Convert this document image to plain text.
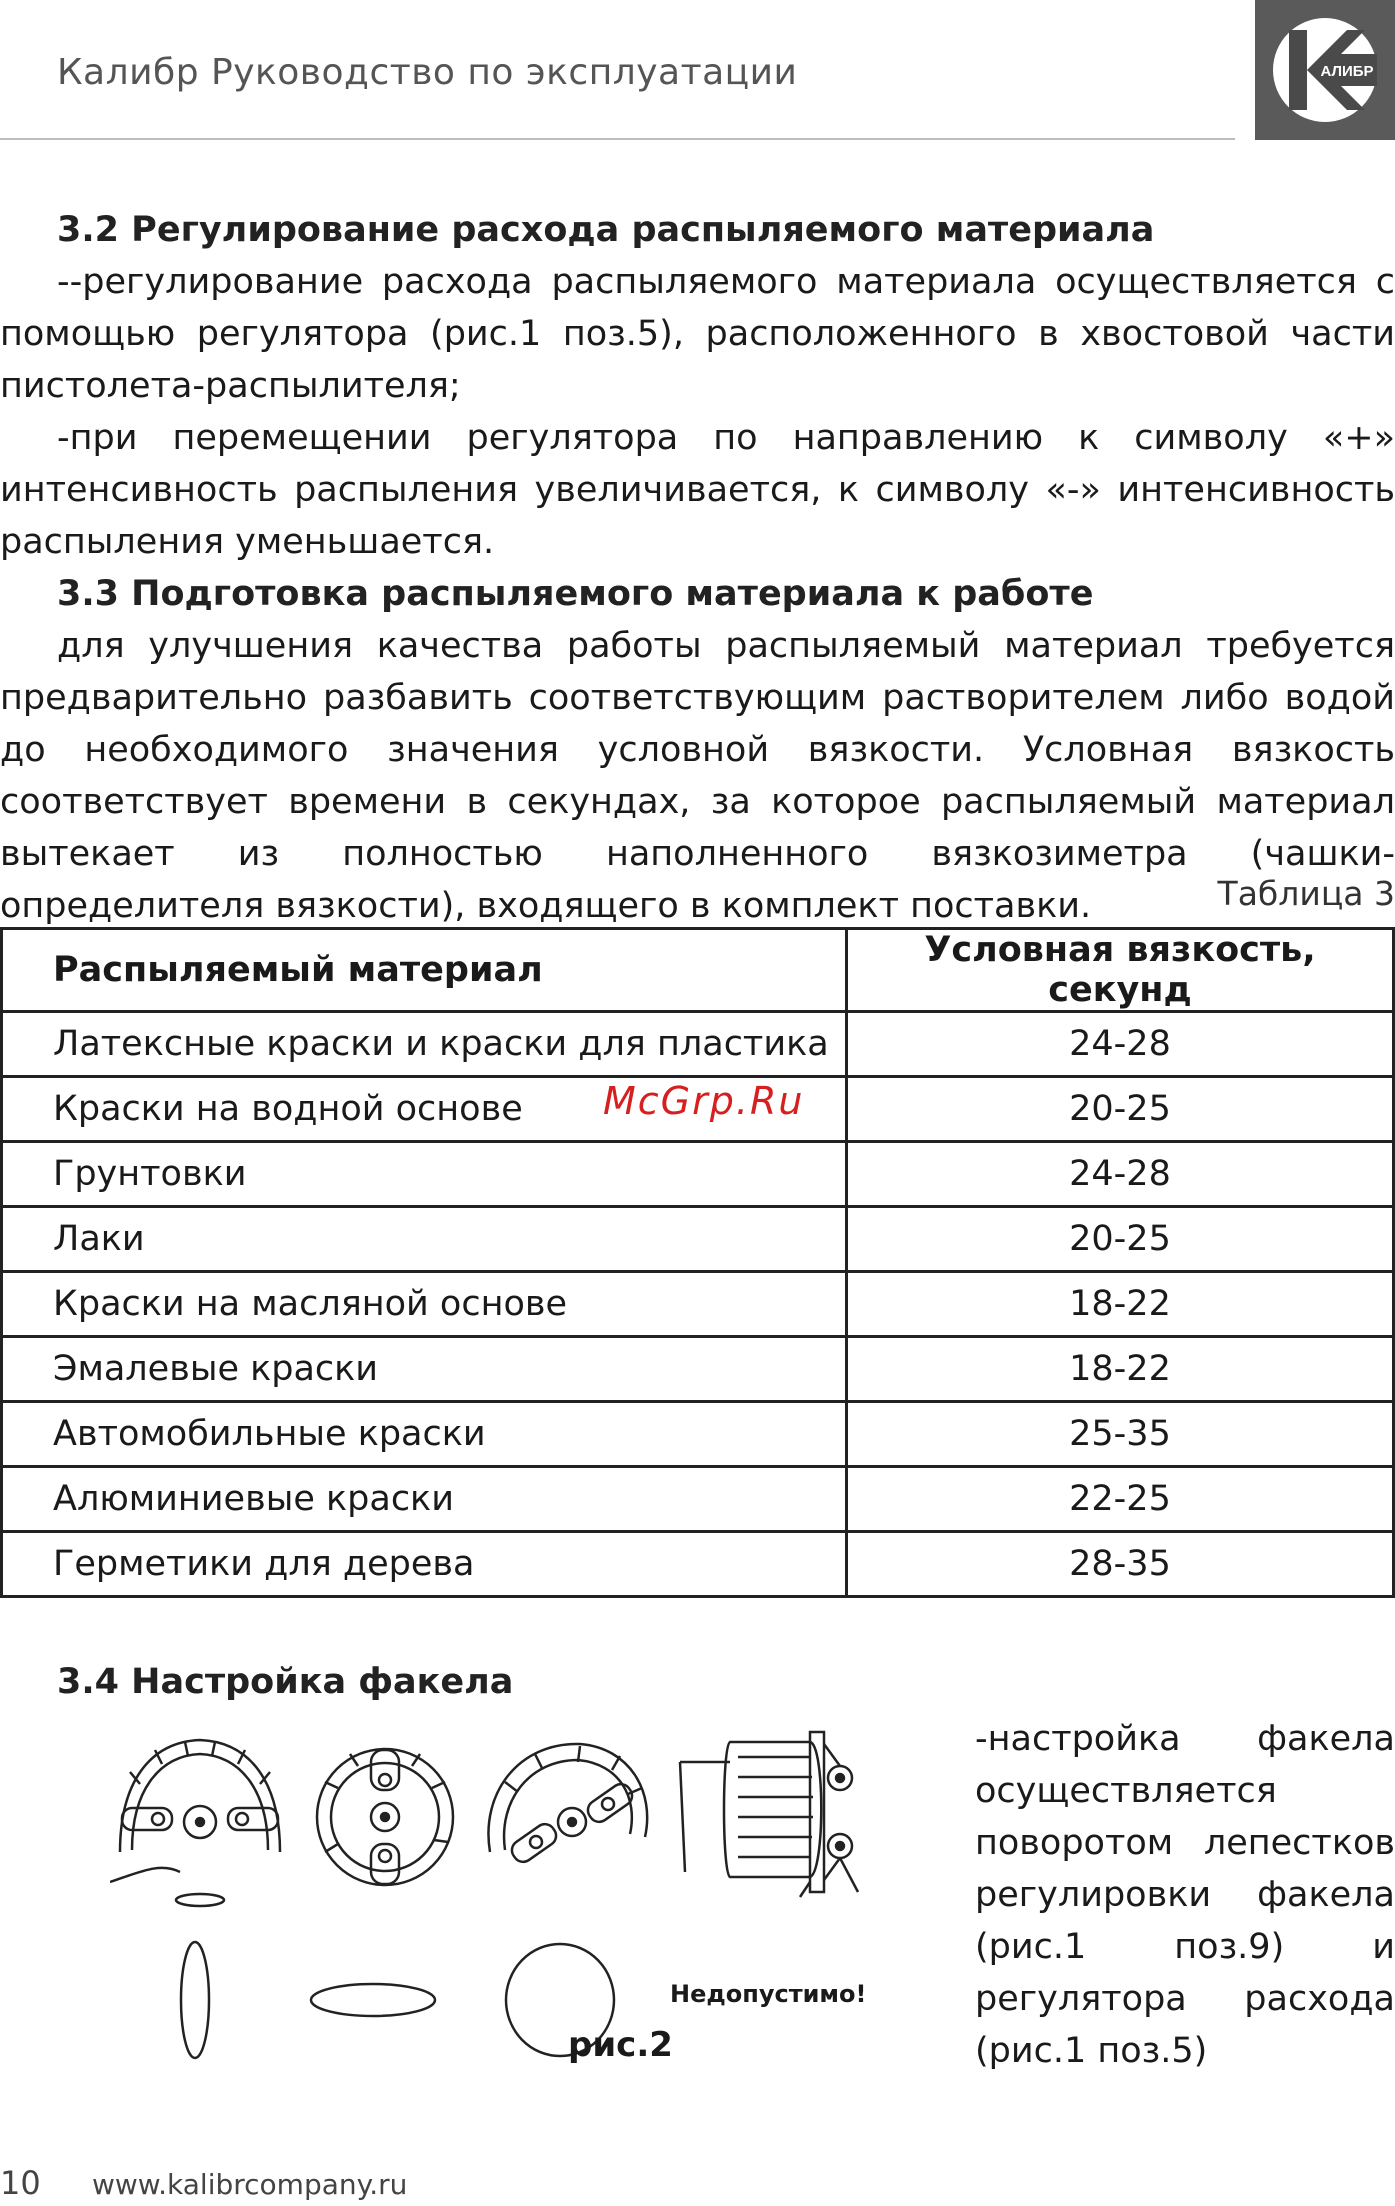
Калибр Руководство по эксплуатации	АЛИБР
3.2 Регулирование расхода распыляемого материала

--регулирование расхода распыляемого материала осуществляется с помощью регулятора (рис.1 поз.5), расположенного в хвостовой части пистолета-распылителя;

-при перемещении регулятора по направлению к символу «+» интенсивность распыления увеличивается, к символу «-» интенсивность распыления уменьшается.

3.3 Подготовка распыляемого материала к работе

для улучшения качества работы распыляемый материал требуется предварительно разбавить соответствующим растворителем либо водой до необходимого значения условной вязкости. Условная вязкость соответствует времени в секундах, за которое распыляемый материал вытекает из полностью наполненного вязкозиметра (чашки-определителя вязкости), входящего в комплект поставки.	Таблица 3
Распыляемый материал	Условная вязкость, секунд
Латексные краски и краски для пластика	24-28
Краски на водной основе	20-25
Грунтовки	24-28
Лаки	20-25
Краски на масляной основе	18-22
Эмалевые краски	18-22
Автомобильные краски	25-35
Алюминиевые краски	22-25
Герметики для дерева	28-35
McGrp.Ru
3.4 Настройка факела
-настройка факела осуществляется поворотом лепестков регулировки факела (рис.1 поз.9) и регулятора расхода (рис.1 поз.5)
Недопустимо!
рис.2
10 www.kalibrcompany.ru
